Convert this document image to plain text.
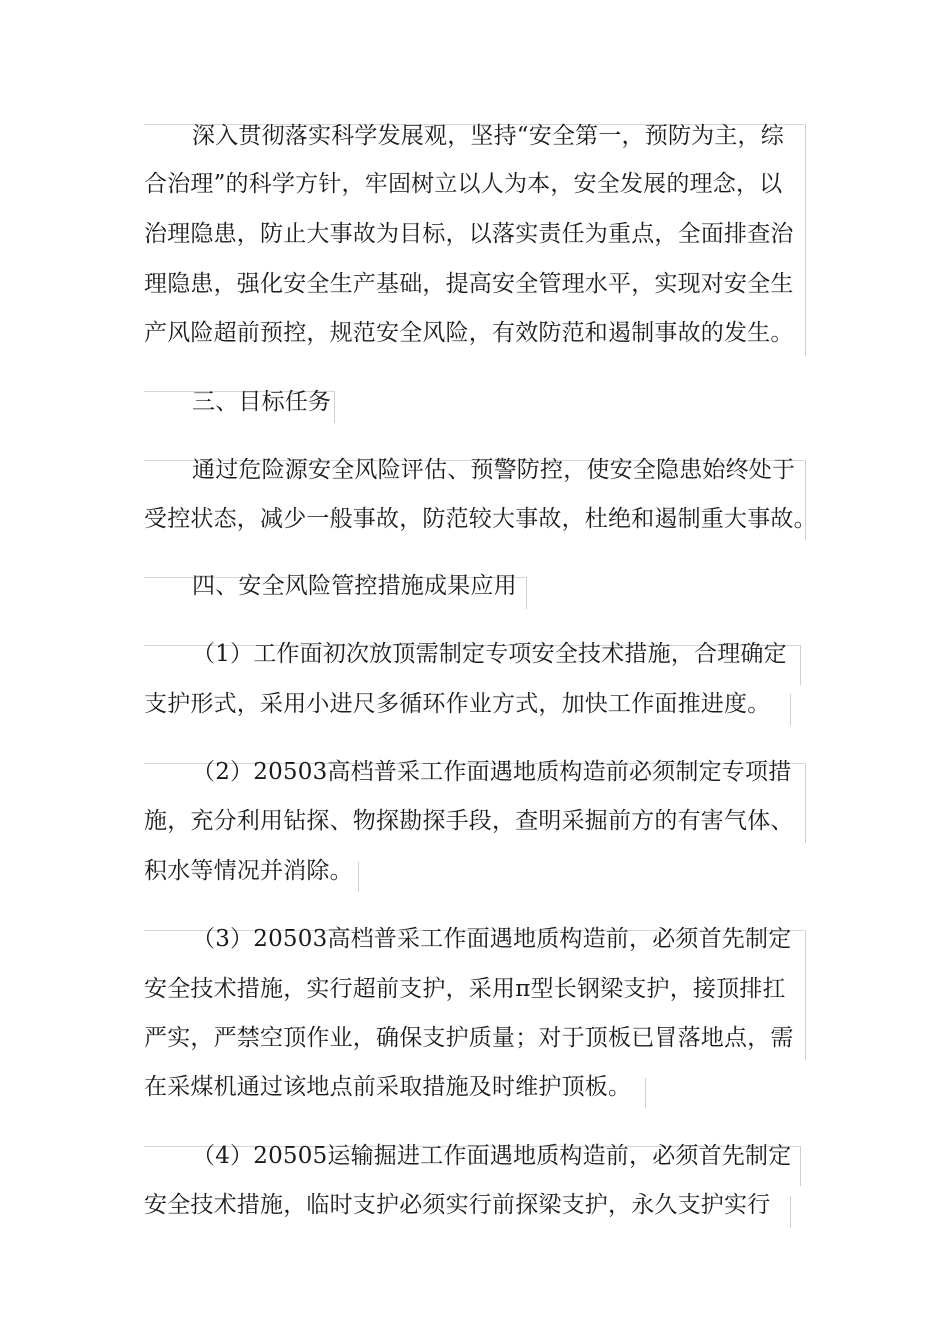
深入贯彻落实科学发展观，坚持“安全第一，预防为主，综
合治理”的科学方针，牢固树立以人为本，安全发展的理念，以
治理隐患，防止大事故为目标，以落实责任为重点，全面排查治
理隐患，强化安全生产基础，提高安全管理水平，实现对安全生
产风险超前预控，规范安全风险，有效防范和遏制事故的发生。
三、目标任务
通过危险源安全风险评估、预警防控，使安全隐患始终处于
受控状态，减少一般事故，防范较大事故，杜绝和遏制重大事故。
四、安全风险管控措施成果应用
（1）工作面初次放顶需制定专项安全技术措施，合理确定
支护形式，采用小进尺多循环作业方式，加快工作面推进度。
（2）20503高档普采工作面遇地质构造前必须制定专项措
施，充分利用钻探、物探勘探手段，查明采掘前方的有害气体、
积水等情况并消除。
（3）20503高档普采工作面遇地质构造前，必须首先制定
安全技术措施，实行超前支护，采用π型长钢梁支护，接顶排扛
严实，严禁空顶作业，确保支护质量；对于顶板已冒落地点，需
在采煤机通过该地点前采取措施及时维护顶板。
（4）20505运输掘进工作面遇地质构造前，必须首先制定
安全技术措施，临时支护必须实行前探梁支护，永久支护实行
